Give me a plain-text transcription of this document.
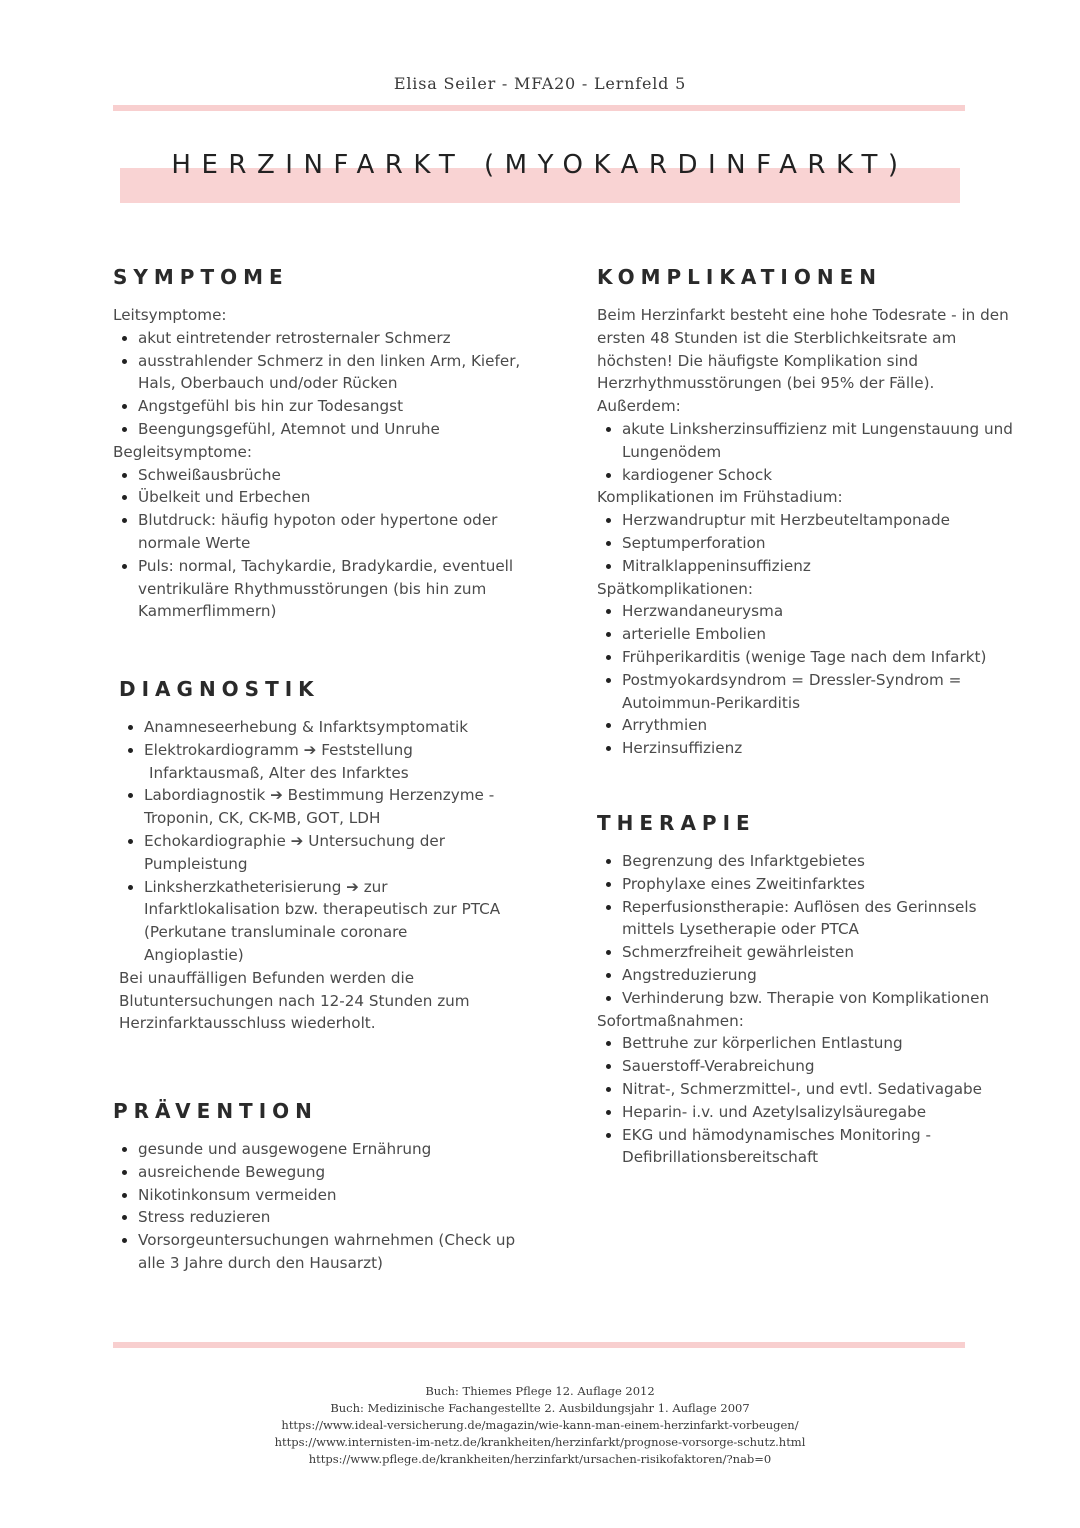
Elisa Seiler - MFA20 - Lernfeld 5
HERZINFARKT (MYOKARDINFARKT)
SYMPTOME
Leitsymptome:
• akut eintretender retrosternaler Schmerz
• ausstrahlender Schmerz in den linken Arm, Kiefer, Hals, Oberbauch und/oder Rücken
• Angstgefühl bis hin zur Todesangst
• Beengungsgefühl, Atemnot und Unruhe
Begleitsymptome:
• Schweißausbrüche
• Übelkeit und Erbechen
• Blutdruck: häufig hypoton oder hypertone oder normale Werte
• Puls: normal, Tachykardie, Bradykardie, eventuell ventrikuläre Rhythmusstörungen (bis hin zum Kammerflimmern)
DIAGNOSTIK
• Anamneseerhebung & Infarktsymptomatik
• Elektrokardiogramm ➔ Feststellung
Infarktausmaß, Alter des Infarktes
• Labordiagnostik ➔ Bestimmung Herzenzyme - Troponin, CK, CK-MB, GOT, LDH
• Echokardiographie ➔ Untersuchung der Pumpleistung
• Linksherzkatheterisierung ➔ zur Infarktlokalisation bzw. therapeutisch zur PTCA (Perkutane transluminale coronare Angioplastie)
Bei unauffälligen Befunden werden die Blutuntersuchungen nach 12-24 Stunden zum Herzinfarktausschluss wiederholt.
PRÄVENTION
• gesunde und ausgewogene Ernährung
• ausreichende Bewegung
• Nikotinkonsum vermeiden
• Stress reduzieren
• Vorsorgeuntersuchungen wahrnehmen (Check up alle 3 Jahre durch den Hausarzt)
KOMPLIKATIONEN
Beim Herzinfarkt besteht eine hohe Todesrate - in den ersten 48 Stunden ist die Sterblichkeitsrate am höchsten! Die häufigste Komplikation sind Herzrhythmusstörungen (bei 95% der Fälle).
Außerdem:
• akute Linksherzinsuffizienz mit Lungenstauung und Lungenödem
• kardiogener Schock
Komplikationen im Frühstadium:
• Herzwandruptur mit Herzbeuteltamponade
• Septumperforation
• Mitralklappeninsuffizienz
Spätkomplikationen:
• Herzwandaneurysma
• arterielle Embolien
• Frühperikarditis (wenige Tage nach dem Infarkt)
• Postmyokardsyndrom = Dressler-Syndrom = Autoimmun-Perikarditis
• Arrythmien
• Herzinsuffizienz
THERAPIE
• Begrenzung des Infarktgebietes
• Prophylaxe eines Zweitinfarktes
• Reperfusionstherapie: Auflösen des Gerinnsels mittels Lysetherapie oder PTCA
• Schmerzfreiheit gewährleisten
• Angstreduzierung
• Verhinderung bzw. Therapie von Komplikationen
Sofortmaßnahmen:
• Bettruhe zur körperlichen Entlastung
• Sauerstoff-Verabreichung
• Nitrat-, Schmerzmittel-, und evtl. Sedativagabe
• Heparin- i.v. und Azetylsalizylsäuregabe
• EKG und hämodynamisches Monitoring - Defibrillationsbereitschaft
Buch: Thiemes Pflege 12. Auflage 2012
Buch: Medizinische Fachangestellte 2. Ausbildungsjahr 1. Auflage 2007
https://www.ideal-versicherung.de/magazin/wie-kann-man-einem-herzinfarkt-vorbeugen/
https://www.internisten-im-netz.de/krankheiten/herzinfarkt/prognose-vorsorge-schutz.html
https://www.pflege.de/krankheiten/herzinfarkt/ursachen-risikofaktoren/?nab=0
